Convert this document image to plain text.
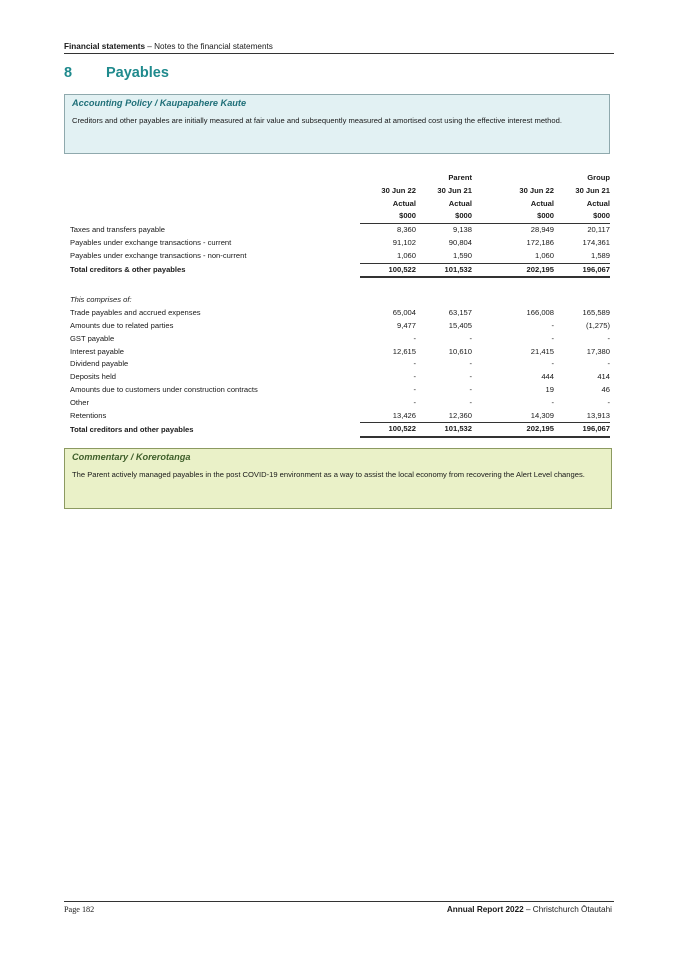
Financial statements – Notes to the financial statements
8 Payables
Accounting Policy / Kaupapahere Kaute
Creditors and other payables are initially measured at fair value and subsequently measured at amortised cost using the effective interest method.
		Parent		Group
	30 Jun 22	30 Jun 21	30 Jun 22	30 Jun 21
	Actual	Actual	Actual	Actual
	$000	$000	$000	$000
Taxes and transfers payable	8,360	9,138	28,949	20,117
Payables under exchange transactions - current	91,102	90,804	172,186	174,361
Payables under exchange transactions - non-current	1,060	1,590	1,060	1,589
Total creditors & other payables	100,522	101,532	202,195	196,067

This comprises of:				
Trade payables and accrued expenses	65,004	63,157	166,008	165,589
Amounts due to related parties	9,477	15,405	-	(1,275)
GST payable	-	-	-	-
Interest payable	12,615	10,610	21,415	17,380
Dividend payable	-	-	-	-
Deposits held	-	-	444	414
Amounts due to customers under construction contracts	-	-	19	46
Other	-	-	-	-
Retentions	13,426	12,360	14,309	13,913
Total creditors and other payables	100,522	101,532	202,195	196,067
Commentary / Korerotanga
The Parent actively managed payables in the post COVID-19 environment as a way to assist the local economy from recovering the Alert Level changes.
Page 182	Annual Report 2022 – Christchurch Ōtautahi
